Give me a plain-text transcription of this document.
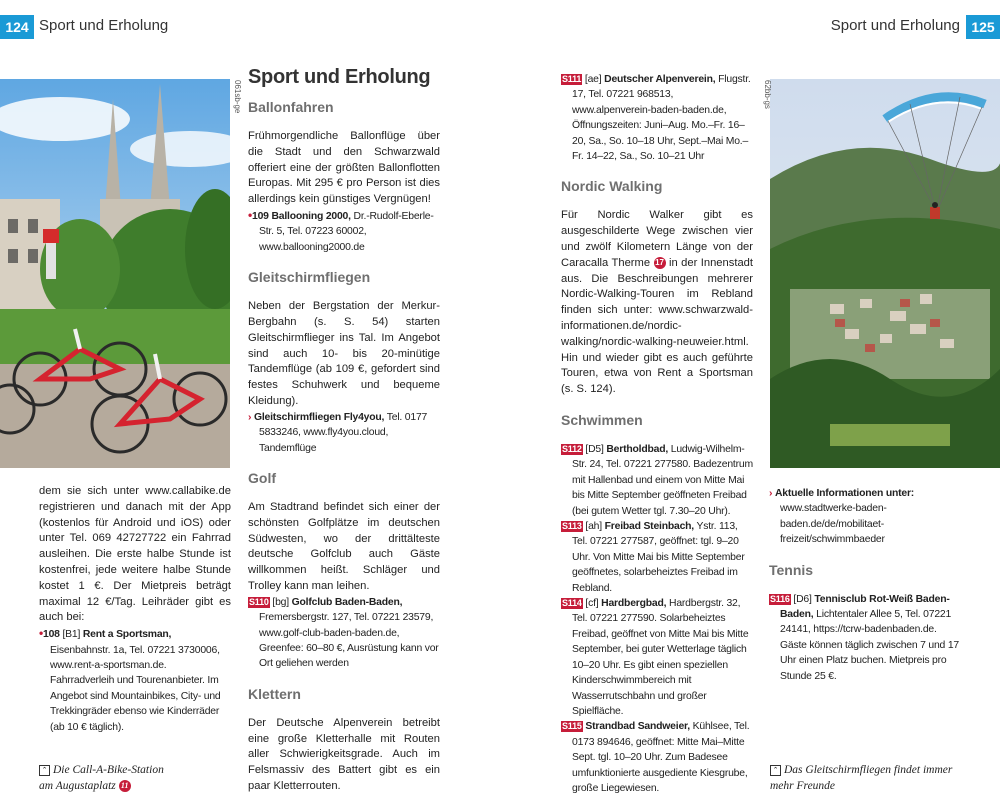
124 Sport und Erholung	Sport und Erholung 125
061sb-ge	62bb-gs

dem sie sich unter www.callabike.de registrieren und danach mit der App (kostenlos für Android und iOS) oder unter Tel. 069 42727722 ein Fahrrad ausleihen. Die erste halbe Stunde ist kostenfrei, jede weitere halbe Stunde kostet 1 €. Der Mietpreis beträgt maximal 12 €/Tag. Leihräder gibt es auch bei:

•108 [B1] Rent a Sportsman, Eisenbahnstr. 1a, Tel. 07221 3730006, www.rent-a-sportsman.de. Fahrradverleih und Tourenanbieter. Im Angebot sind Mountainbikes, City- und Trekkingräder ebenso wie Kinderräder (ab 10 € täglich).

⌃ Die Call-A-Bike-Station
am Augustaplatz 11
Sport und Erholung
Ballonfahren

Frühmorgendliche Ballonflüge über die Stadt und den Schwarzwald offeriert eine der größten Ballonflotten Europas. Mit 295 € pro Person ist dies allerdings kein günstiges Vergnügen!

•109 Ballooning 2000, Dr.-Rudolf-Eberle-Str. 5, Tel. 07223 60002, www.ballooning2000.de

Gleitschirmfliegen

Neben der Bergstation der Merkur-Bergbahn (s. S. 54) starten Gleitschirmflieger ins Tal. Im Angebot sind auch 10- bis 20-minütige Tandemflüge (ab 109 €, gefordert sind festes Schuhwerk und bequeme Kleidung).

› Gleitschirmfliegen Fly4you, Tel. 0177 5833246, www.fly4you.cloud, Tandemflüge

Golf

Am Stadtrand befindet sich einer der schönsten Golfplätze im deutschen Südwesten, wo der drittälteste deutsche Golfclub auch Gäste willkommen heißt. Schläger und Trolley kann man leihen.

S110 [bg] Golfclub Baden-Baden, Fremersbergstr. 127, Tel. 07221 23579, www.golf-club-baden-baden.de, Greenfee: 60–80 €, Ausrüstung kann vor Ort geliehen werden

Klettern

Der Deutsche Alpenverein betreibt eine große Kletterhalle mit Routen aller Schwierigkeitsgrade. Auch im Felsmassiv des Battert gibt es ein paar Kletterrouten.

S111 [ae] Deutscher Alpenverein, Flugstr. 17, Tel. 07221 968513, www.alpenverein-baden-baden.de, Öffnungszeiten: Juni–Aug. Mo.–Fr. 16–20, Sa., So. 10–18 Uhr, Sept.–Mai Mo.–Fr. 14–22, Sa., So. 10–21 Uhr

Nordic Walking

Für Nordic Walker gibt es ausgeschilderte Wege zwischen vier und zwölf Kilometern Länge von der Caracalla Therme 17 in der Innenstadt aus. Die Beschreibungen mehrerer Nordic-Walking-Touren im Rebland finden sich unter: www.schwarzwald-informationen.de/nordic-walking/nordic-walking-neuweier.html. Hin und wieder gibt es auch geführte Touren, etwa von Rent a Sportsman (s. S. 124).

Schwimmen

S112 [D5] Bertholdbad, Ludwig-Wilhelm-Str. 24, Tel. 07221 277580. Badezentrum mit Hallenbad und einem von Mitte Mai bis Mitte September geöffneten Freibad (bei gutem Wetter tgl. 7.30–20 Uhr).

S113 [ah] Freibad Steinbach, Ystr. 113, Tel. 07221 277587, geöffnet: tgl. 9–20 Uhr. Von Mitte Mai bis Mitte September geöffnetes, solarbeheiztes Freibad im Rebland.

S114 [cf] Hardbergbad, Hardbergstr. 32, Tel. 07221 277590. Solarbeheiztes Freibad, geöffnet von Mitte Mai bis Mitte September, bei guter Wetterlage täglich 10–20 Uhr. Es gibt einen speziellen Kinderschwimmbereich mit Wasserrutschbahn und großer Spielfläche.

S115 Strandbad Sandweier, Kühlsee, Tel. 0173 894646, geöffnet: Mitte Mai–Mitte Sept. tgl. 10–20 Uhr. Zum Badesee umfunktionierte ausgediente Kiesgrube, große Liegewiesen.

› Aktuelle Informationen unter: www.stadtwerke-baden-baden.de/de/mobilitaet-freizeit/schwimmbaeder

Tennis

S116 [D6] Tennisclub Rot-Weiß Baden-Baden, Lichtentaler Allee 5, Tel. 07221 24141, https://tcrw-badenbaden.de. Gäste können täglich zwischen 7 und 17 Uhr einen Platz buchen. Mietpreis pro Stunde 25 €.

⌃ Das Gleitschirmfliegen findet immer
mehr Freunde
